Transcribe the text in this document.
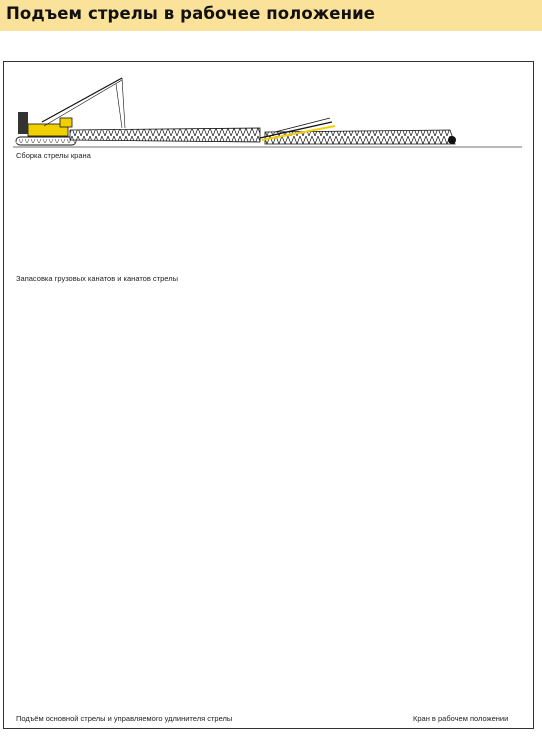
Подъем стрелы в рабочее положение
Сборка стрелы крана
Запасовка грузовых канатов и канатов стрелы
Подъём основной стрелы и управляемого удлинителя стрелы	Кран в рабочем положении
